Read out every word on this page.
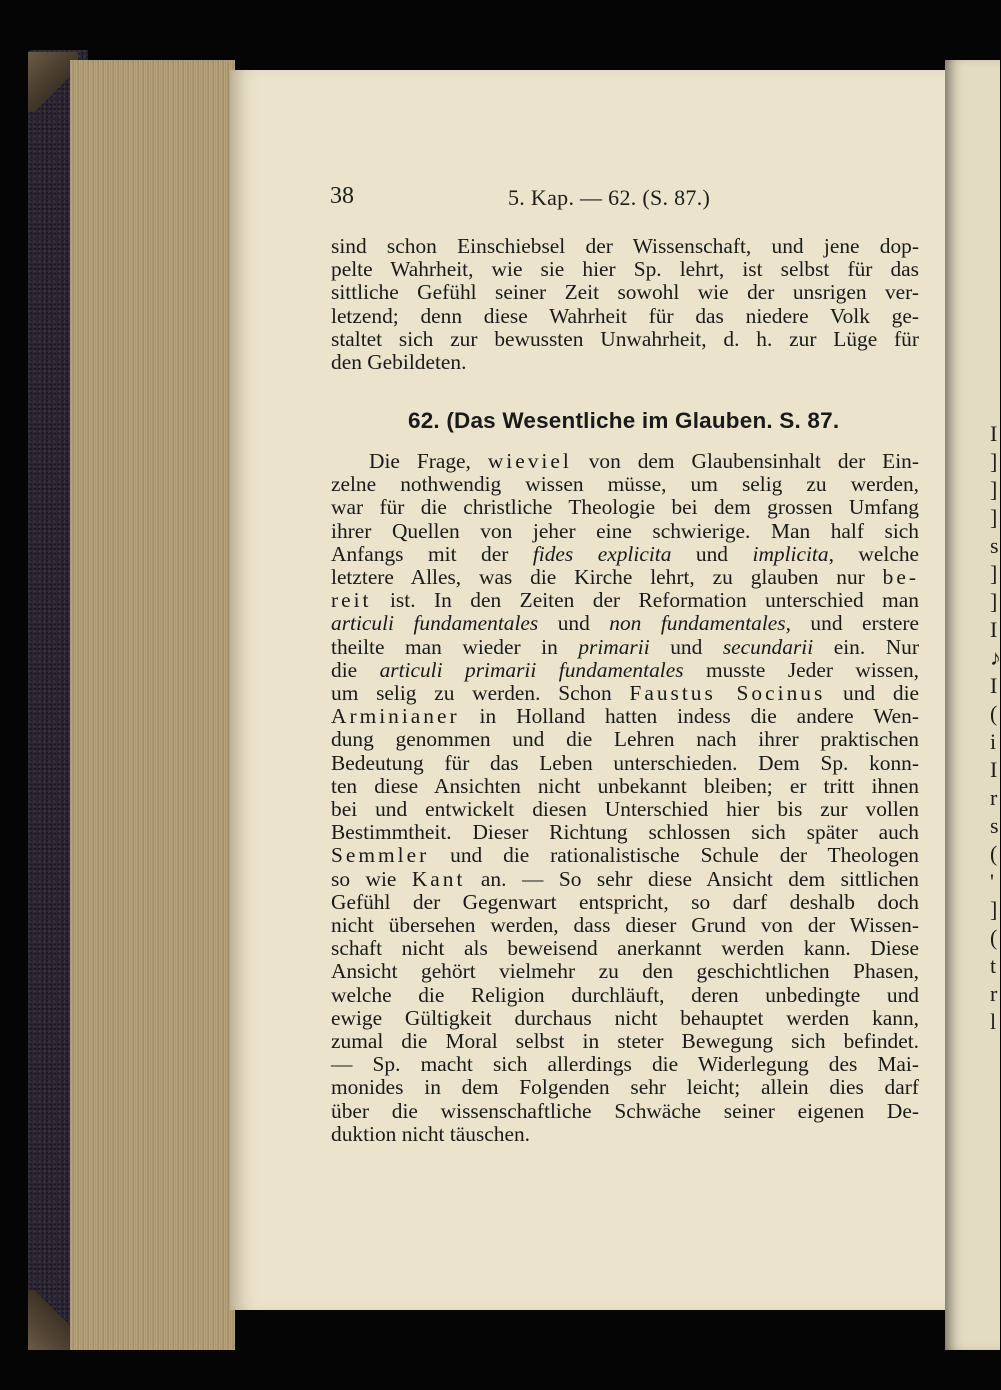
I ] ] ] s ] ] I ♪ I ( i I r s ( ' ] ( t r l
38	5. Kap. — 62. (S. 87.)
sind schon Einschiebsel der Wissenschaft, und jene dop-
pelte Wahrheit, wie sie hier Sp. lehrt, ist selbst für das
sittliche Gefühl seiner Zeit sowohl wie der unsrigen ver-
letzend; denn diese Wahrheit für das niedere Volk ge-
staltet sich zur bewussten Unwahrheit, d. h. zur Lüge für
den Gebildeten.
62. (Das Wesentliche im Glauben. S. 87.
Die Frage, wieviel von dem Glaubensinhalt der Ein-
zelne nothwendig wissen müsse, um selig zu werden,
war für die christliche Theologie bei dem grossen Umfang
ihrer Quellen von jeher eine schwierige. Man half sich
Anfangs mit der fides explicita und implicita, welche
letztere Alles, was die Kirche lehrt, zu glauben nur be-
reit ist. In den Zeiten der Reformation unterschied man
articuli fundamentales und non fundamentales, und erstere
theilte man wieder in primarii und secundarii ein. Nur
die articuli primarii fundamentales musste Jeder wissen,
um selig zu werden. Schon Faustus Socinus und die
Arminianer in Holland hatten indess die andere Wen-
dung genommen und die Lehren nach ihrer praktischen
Bedeutung für das Leben unterschieden. Dem Sp. konn-
ten diese Ansichten nicht unbekannt bleiben; er tritt ihnen
bei und entwickelt diesen Unterschied hier bis zur vollen
Bestimmtheit. Dieser Richtung schlossen sich später auch
Semmler und die rationalistische Schule der Theologen
so wie Kant an. — So sehr diese Ansicht dem sittlichen
Gefühl der Gegenwart entspricht, so darf deshalb doch
nicht übersehen werden, dass dieser Grund von der Wissen-
schaft nicht als beweisend anerkannt werden kann. Diese
Ansicht gehört vielmehr zu den geschichtlichen Phasen,
welche die Religion durchläuft, deren unbedingte und
ewige Gültigkeit durchaus nicht behauptet werden kann,
zumal die Moral selbst in steter Bewegung sich befindet.
— Sp. macht sich allerdings die Widerlegung des Mai-
monides in dem Folgenden sehr leicht; allein dies darf
über die wissenschaftliche Schwäche seiner eigenen De-
duktion nicht täuschen.
